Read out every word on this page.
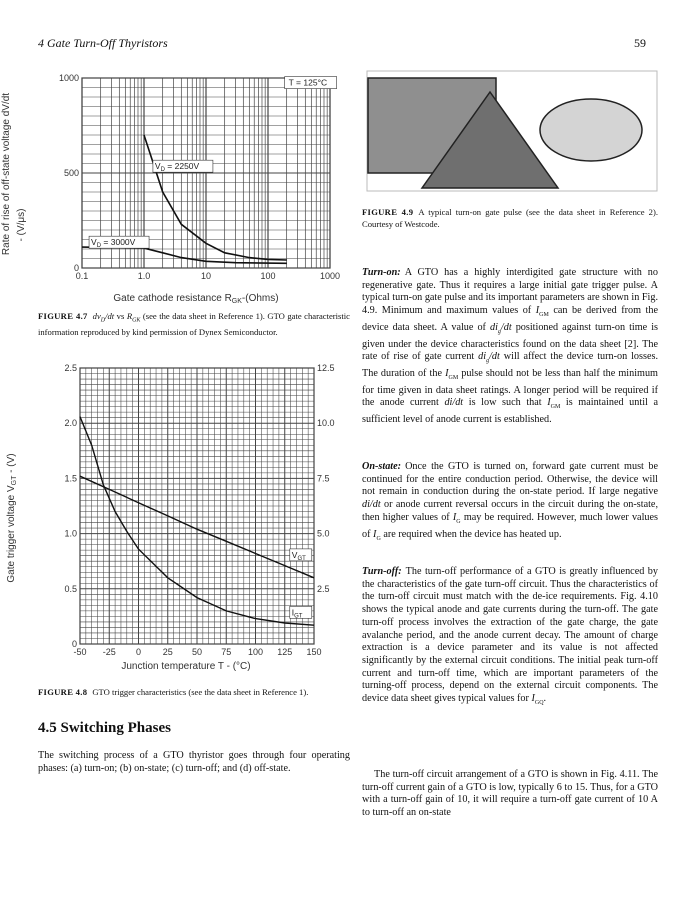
4 Gate Turn-Off Thyristors	59
0.1	1.0	10	100	1000
0
500
1000
$V_D = 2250V$
$V_D = 3000V$
T = 125°C
Rate of rise of off-state voltage dV/dt - (V/μs)
Gate cathode resistance $R_{GK}-(Ohms)$
FIGURE 4.7 $dv_D/dt$ vs $R_{GK}$ (see the data sheet in Reference 1). GTO gate characteristic information reproduced by kind permission of Dynex Semiconductor.
-50 -25 0 25 50 75 100 125 150
0
0.5
1.0
1.5
2.0
2.5
2.5
5.0
7.5
10.0
12.5
$V_{GT}$
$I_{GT}$
Gate trigger voltage $V_{GT} - (V)$
Junction temperature T - (°C)
FIGURE 4.8 GTO trigger characteristics (see the data sheet in Reference 1).
4.5 Switching Phases
The switching process of a GTO thyristor goes through four operating phases: (a) turn-on; (b) on-state; (c) turn-off; and (d) off-state.
FIGURE 4.9 A typical turn-on gate pulse (see the data sheet in Reference 2). Courtesy of Westcode.
Turn-on: A GTO has a highly interdigited gate structure with no regenerative gate. Thus it requires a large initial gate trigger pulse. A typical turn-on gate pulse and its important parameters are shown in Fig. 4.9. Minimum and maximum values of $I_{GM}$ can be derived from the device data sheet. A value of $di_g/dt$ positioned against turn-on time is given under the device characteristics found on the data sheet [2]. The rate of rise of gate current $di_g/dt$ will affect the device turn-on losses. The duration of the $I_{GM}$ pulse should not be less than half the minimum for time given in data sheet ratings. A longer period will be required if the anode current di/dt is low such that $I_{GM}$ is maintained until a sufficient level of anode current is established.
On-state: Once the GTO is turned on, forward gate current must be continued for the entire conduction period. Otherwise, the device will not remain in conduction during the on-state period. If large negative di/dt or anode current reversal occurs in the circuit during the on-state, then higher values of $I_G$ may be required. However, much lower values of $I_G$ are required when the device has heated up.
Turn-off: The turn-off performance of a GTO is greatly influenced by the characteristics of the gate turn-off circuit. Thus the characteristics of the turn-off circuit must match with the de-ice requirements. Fig. 4.10 shows the typical anode and gate currents during the turn-off. The gate turn-off process involves the extraction of the gate charge, the gate avalanche period, and the anode current decay. The amount of charge extraction is a device parameter and its value is not affected significantly by the external circuit conditions. The initial peak turn-off current and turn-off time, which are important parameters of the turning-off process, depend on the external circuit components. The device data sheet gives typical values for $I_{GQ}$.
The turn-off circuit arrangement of a GTO is shown in Fig. 4.11. The turn-off current gain of a GTO is low, typically 6 to 15. Thus, for a GTO with a turn-off gain of 10, it will require a turn-off gate current of 10 A to turn-off an on-state
